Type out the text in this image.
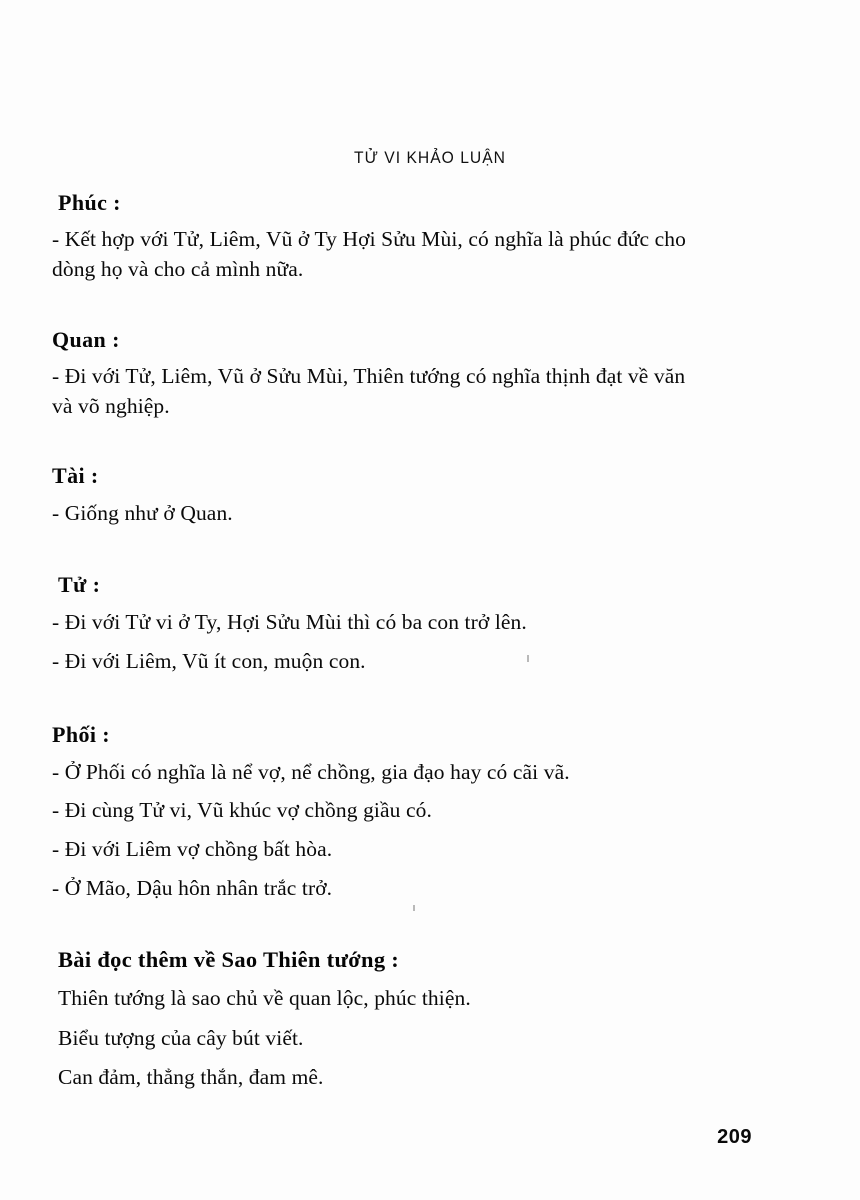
TỬ VI KHẢO LUẬN
Phúc :

- Kết hợp với Tử, Liêm, Vũ ở Ty Hợi Sửu Mùi, có nghĩa là phúc đức cho dòng họ và cho cả mình nữa.

Quan :

- Đi với Tử, Liêm, Vũ ở Sửu Mùi, Thiên tướng có nghĩa thịnh đạt về văn và võ nghiệp.

Tài :

- Giống như ở Quan.

Tử :

- Đi với Tử vi ở Ty, Hợi Sửu Mùi thì có ba con trở lên.

- Đi với Liêm, Vũ ít con, muộn con.

Phối :

- Ở Phối có nghĩa là nể vợ, nể chồng, gia đạo hay có cãi vã.

- Đi cùng Tử vi, Vũ khúc vợ chồng giầu có.

- Đi với Liêm vợ chồng bất hòa.

- Ở Mão, Dậu hôn nhân trắc trở.

Bài đọc thêm về Sao Thiên tướng :

Thiên tướng là sao chủ về quan lộc, phúc thiện.

Biểu tượng của cây bút viết.

Can đảm, thẳng thắn, đam mê.

209
